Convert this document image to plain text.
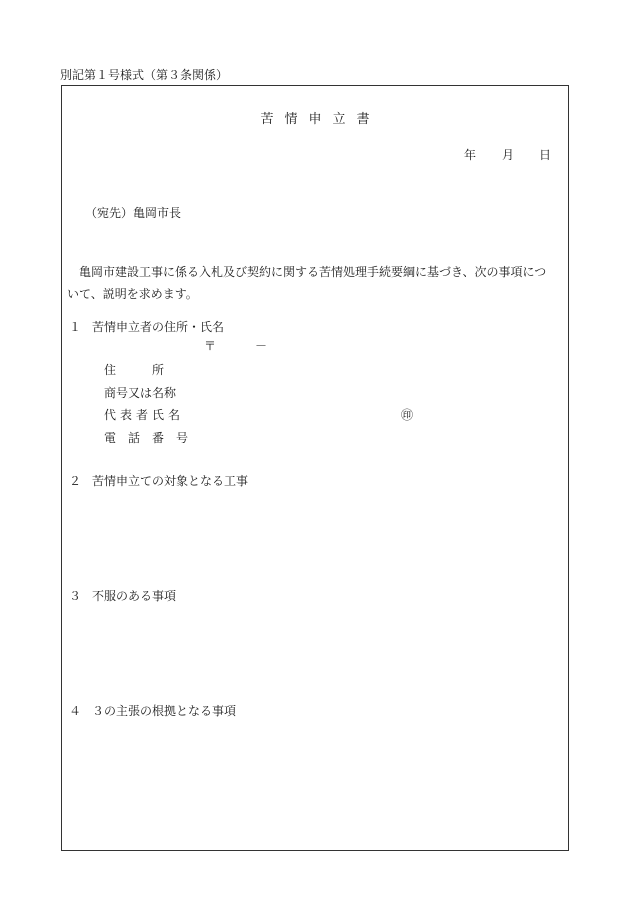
別記第１号様式（第３条関係）
苦情申立書
年 月 日
（宛先）亀岡市長
　亀岡市建設工事に係る入札及び契約に関する苦情処理手続要綱に基づき、次の事項につ
いて、説明を求めます。
１ 苦情申立者の住所・氏名
〒	－
住　　　所
商号又は名称
代表者氏名	㊞
電話番号
２ 苦情申立ての対象となる工事
３ 不服のある事項
４ ３の主張の根拠となる事項
